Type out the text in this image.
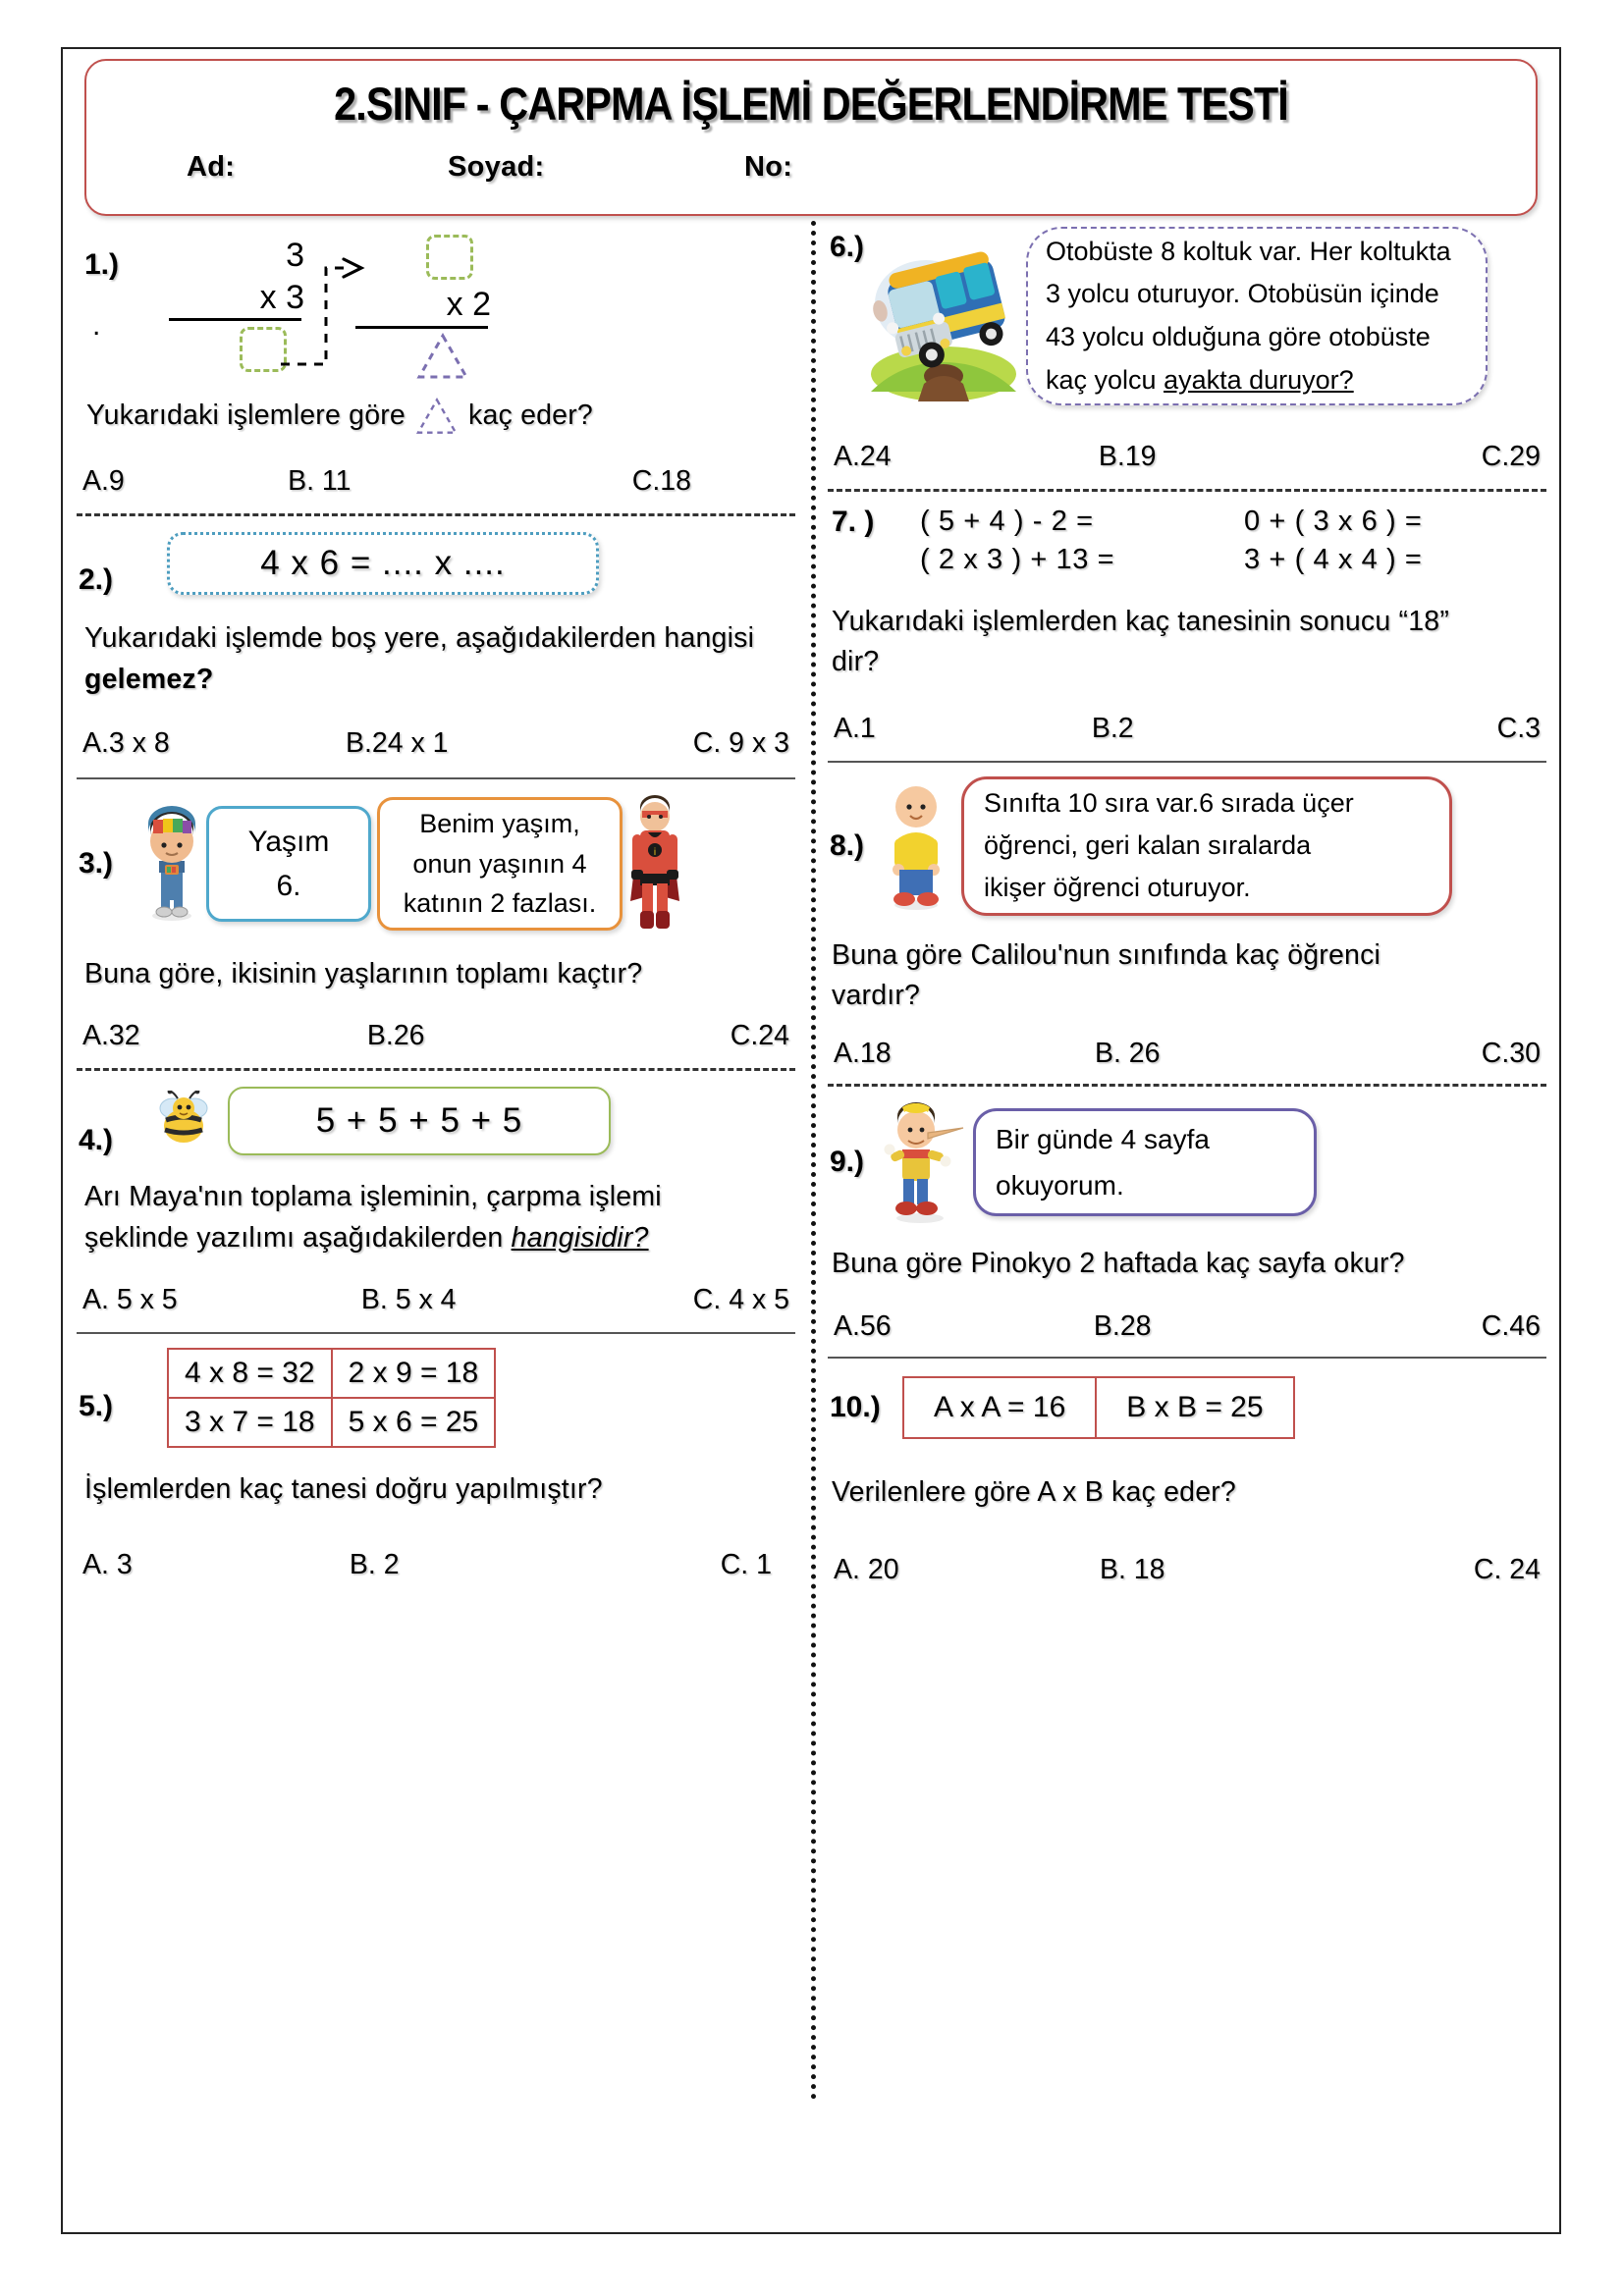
2.SINIF - ÇARPMA İŞLEMİ DEĞERLENDİRME TESTİ
Ad:	Soyad:	No:
1.)
.
3
x 3	x 2
Yukarıdaki işlemlere göre kaç eder?
A.9	B. 11	C.18
2.)	4 x 6 = .... x ....
Yukarıdaki işlemde boş yere, aşağıdakilerden hangisi gelemez?
A.3 x 8	B.24 x 1	C. 9 x 3
3.)
Yaşım
6.
Benim yaşım,
onun yaşının 4
katının 2 fazlası.
i
Buna göre, ikisinin yaşlarının toplamı kaçtır?
A.32	B.26	C.24
4.)
5 + 5 + 5 + 5
Arı Maya'nın toplama işleminin, çarpma işlemi
şeklinde yazılımı aşağıdakilerden hangisidir?
A. 5 x 5	B. 5 x 4	C. 4 x 5
5.)
4 x 8 = 32	2 x 9 = 18
3 x 7 = 18	5 x 6 = 25
İşlemlerden kaç tanesi doğru yapılmıştır?
A. 3	B. 2	C. 1
6.)	Otobüste 8 koltuk var. Her koltukta
3 yolcu oturuyor. Otobüsün içinde
43 yolcu olduğuna göre otobüste
kaç yolcu ayakta duruyor?
A.24	B.19	C.29
7. ) ( 5 + 4 ) - 2 =	0 + ( 3 x 6 ) =
( 2 x 3 ) + 13 =	3 + ( 4 x 4 ) =
Yukarıdaki işlemlerden kaç tanesinin sonucu “18”
dir?
A.1	B.2	C.3
8.)
Sınıfta 10 sıra var.6 sırada üçer
öğrenci, geri kalan sıralarda
ikişer öğrenci oturuyor.
Buna göre Calilou'nun sınıfında kaç öğrenci
vardır?
A.18	B. 26	C.30
9.)
Bir günde 4 sayfa
okuyorum.
Buna göre Pinokyo 2 haftada kaç sayfa okur?
A.56	B.28	C.46
10.)	A x A = 16	B x B = 25
Verilenlere göre A x B kaç eder?
A. 20	B. 18	C. 24
